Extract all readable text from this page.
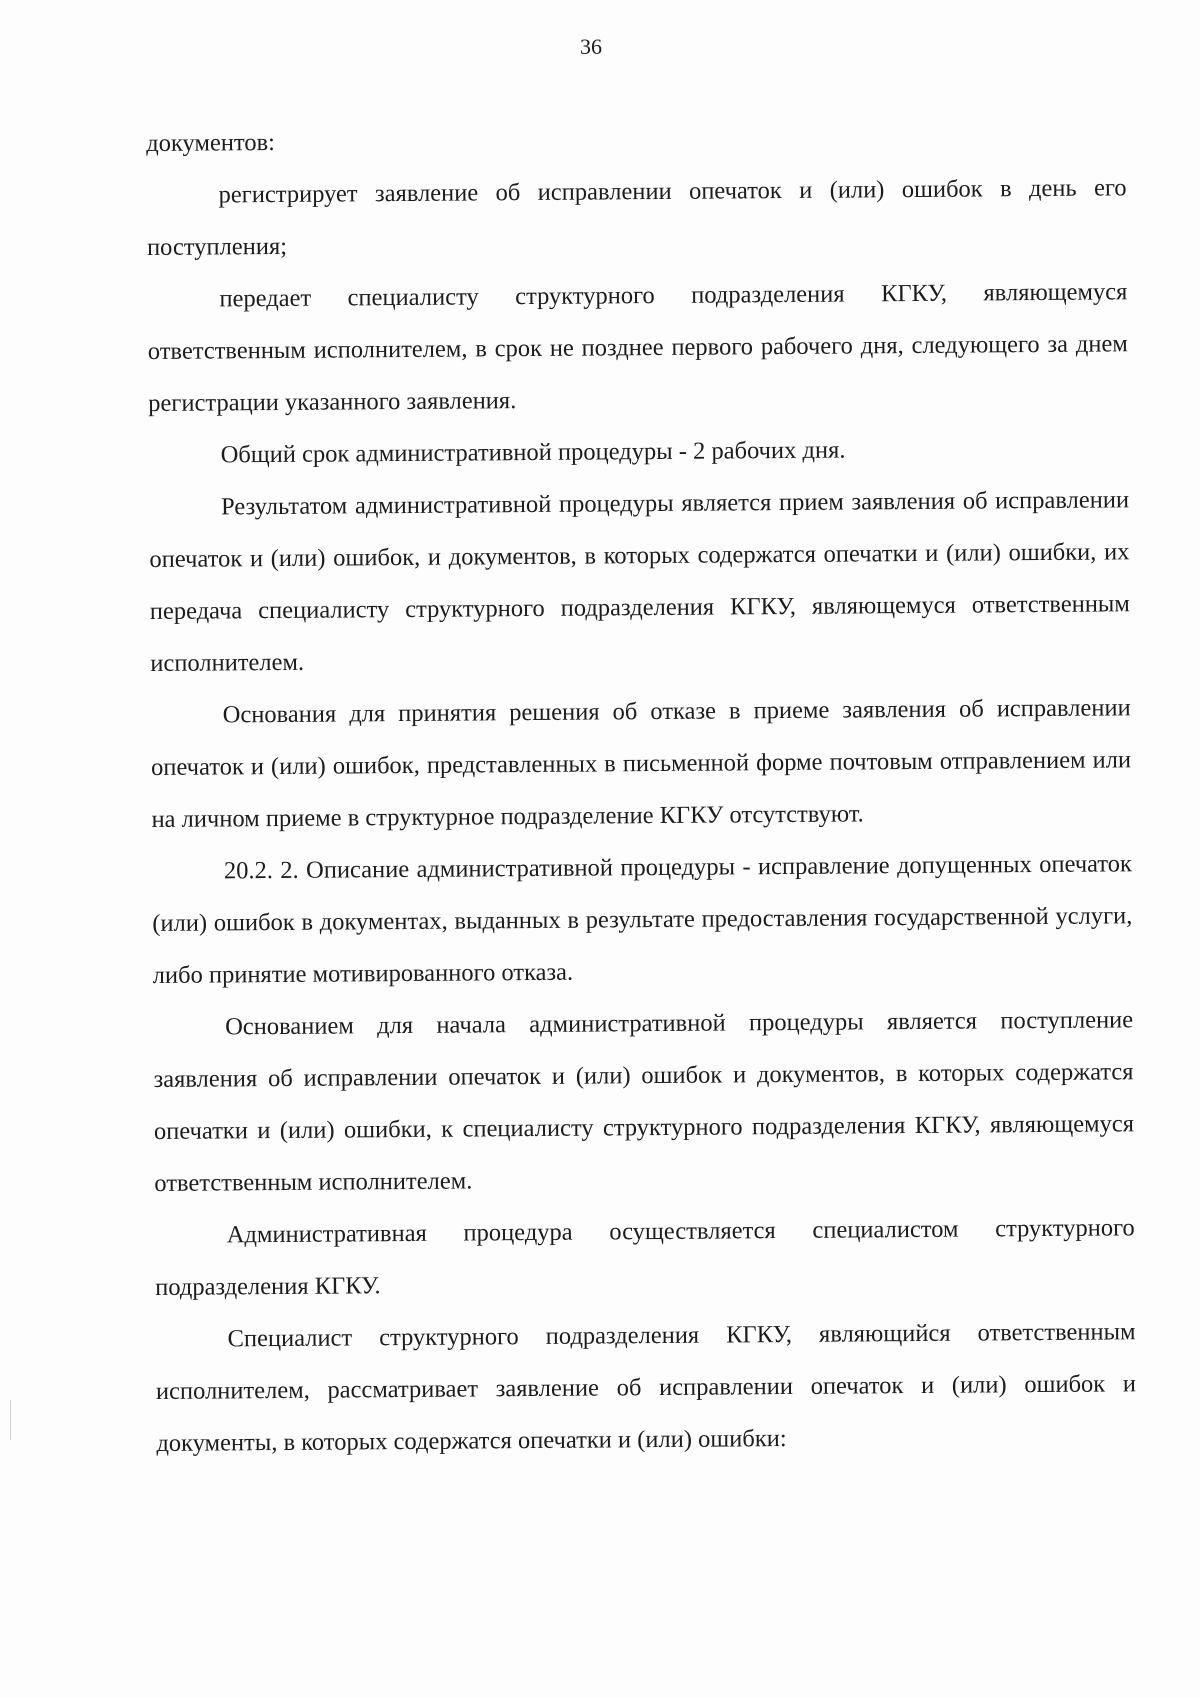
36

документов:

регистрирует заявление об исправлении опечаток и (или) ошибок в день его поступления;

передает специалисту структурного подразделения КГКУ, являющемуся ответственным исполнителем, в срок не позднее первого рабочего дня, следующего за днем регистрации указанного заявления.

Общий срок административной процедуры - 2 рабочих дня.

Результатом административной процедуры является прием заявления об исправлении опечаток и (или) ошибок, и документов, в которых содержатся опечатки и (или) ошибки, их передача специалисту структурного подразделения КГКУ, являющемуся ответственным исполнителем.

Основания для принятия решения об отказе в приеме заявления об исправлении опечаток и (или) ошибок, представленных в письменной форме почтовым отправлением или на личном приеме в структурное подразделение КГКУ отсутствуют.

20.2. 2. Описание административной процедуры - исправление допущенных опечаток (или) ошибок в документах, выданных в результате предоставления государственной услуги, либо принятие мотивированного отказа.

Основанием для начала административной процедуры является поступление заявления об исправлении опечаток и (или) ошибок и документов, в которых содержатся опечатки и (или) ошибки, к специалисту структурного подразделения КГКУ, являющемуся ответственным исполнителем.

Административная процедура осуществляется специалистом структурного подразделения КГКУ.

Специалист структурного подразделения КГКУ, являющийся ответственным исполнителем, рассматривает заявление об исправлении опечаток и (или) ошибок и документы, в которых содержатся опечатки и (или) ошибки:
